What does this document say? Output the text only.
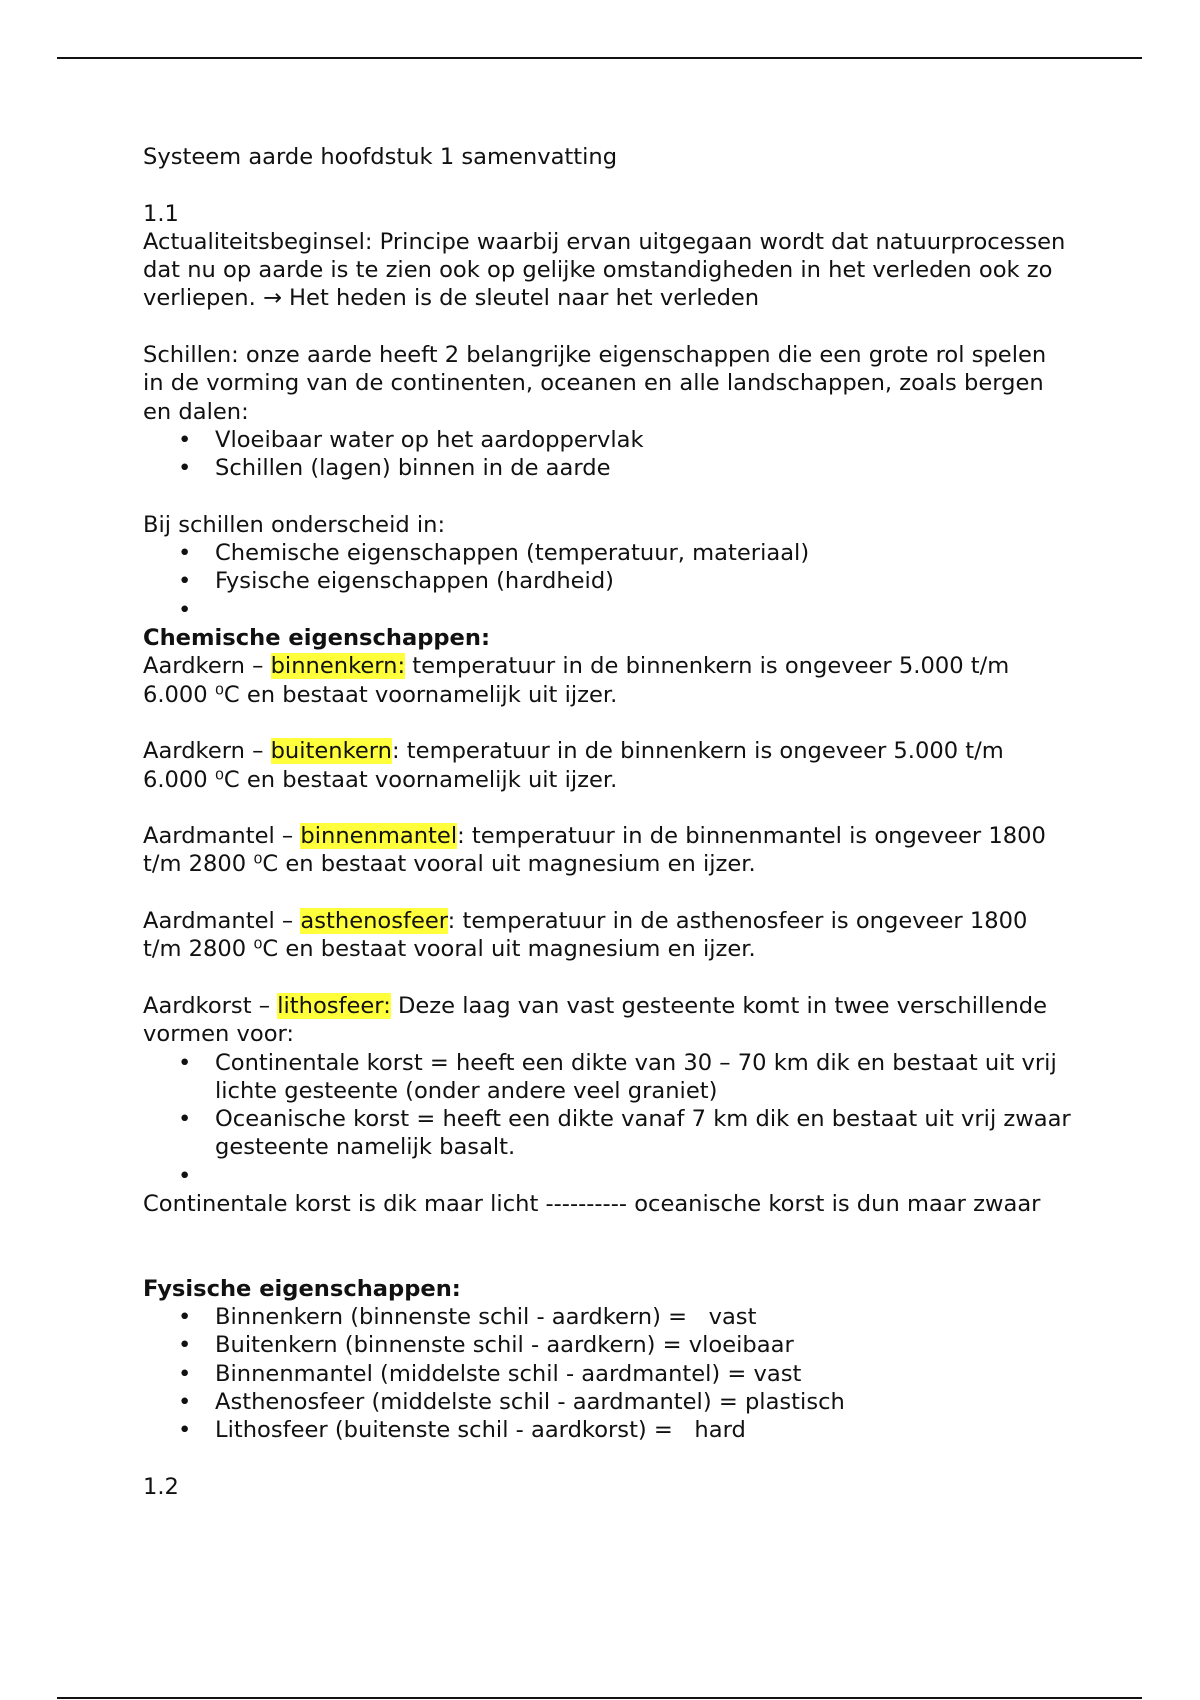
Systeem aarde hoofdstuk 1 samenvatting

1.1

Actualiteitsbeginsel: Principe waarbij ervan uitgegaan wordt dat natuurprocessen dat nu op aarde is te zien ook op gelijke omstandigheden in het verleden ook zo verliepen. → Het heden is de sleutel naar het verleden

Schillen: onze aarde heeft 2 belangrijke eigenschappen die een grote rol spelen in de vorming van de continenten, oceanen en alle landschappen, zoals bergen en dalen:

• Vloeibaar water op het aardoppervlak
• Schillen (lagen) binnen in de aarde

Bij schillen onderscheid in:

• Chemische eigenschappen (temperatuur, materiaal)
• Fysische eigenschappen (hardheid)
•

Chemische eigenschappen:

Aardkern – binnenkern: temperatuur in de binnenkern is ongeveer 5.000 t/m 6.000 ⁰C en bestaat voornamelijk uit ijzer.

Aardkern – buitenkern: temperatuur in de binnenkern is ongeveer 5.000 t/m 6.000 ⁰C en bestaat voornamelijk uit ijzer.

Aardmantel – binnenmantel: temperatuur in de binnenmantel is ongeveer 1800 t/m 2800 ⁰C en bestaat vooral uit magnesium en ijzer.

Aardmantel – asthenosfeer: temperatuur in de asthenosfeer is ongeveer 1800 t/m 2800 ⁰C en bestaat vooral uit magnesium en ijzer.

Aardkorst – lithosfeer: Deze laag van vast gesteente komt in twee verschillende vormen voor:

• Continentale korst = heeft een dikte van 30 – 70 km dik en bestaat uit vrij lichte gesteente (onder andere veel graniet)
• Oceanische korst = heeft een dikte vanaf 7 km dik en bestaat uit vrij zwaar gesteente namelijk basalt.
•

Continentale korst is dik maar licht ---------- oceanische korst is dun maar zwaar

Fysische eigenschappen:

• Binnenkern (binnenste schil - aardkern) =   vast
• Buitenkern (binnenste schil - aardkern) = vloeibaar
• Binnenmantel (middelste schil - aardmantel) = vast
• Asthenosfeer (middelste schil - aardmantel) = plastisch
• Lithosfeer (buitenste schil - aardkorst) =   hard

1.2
